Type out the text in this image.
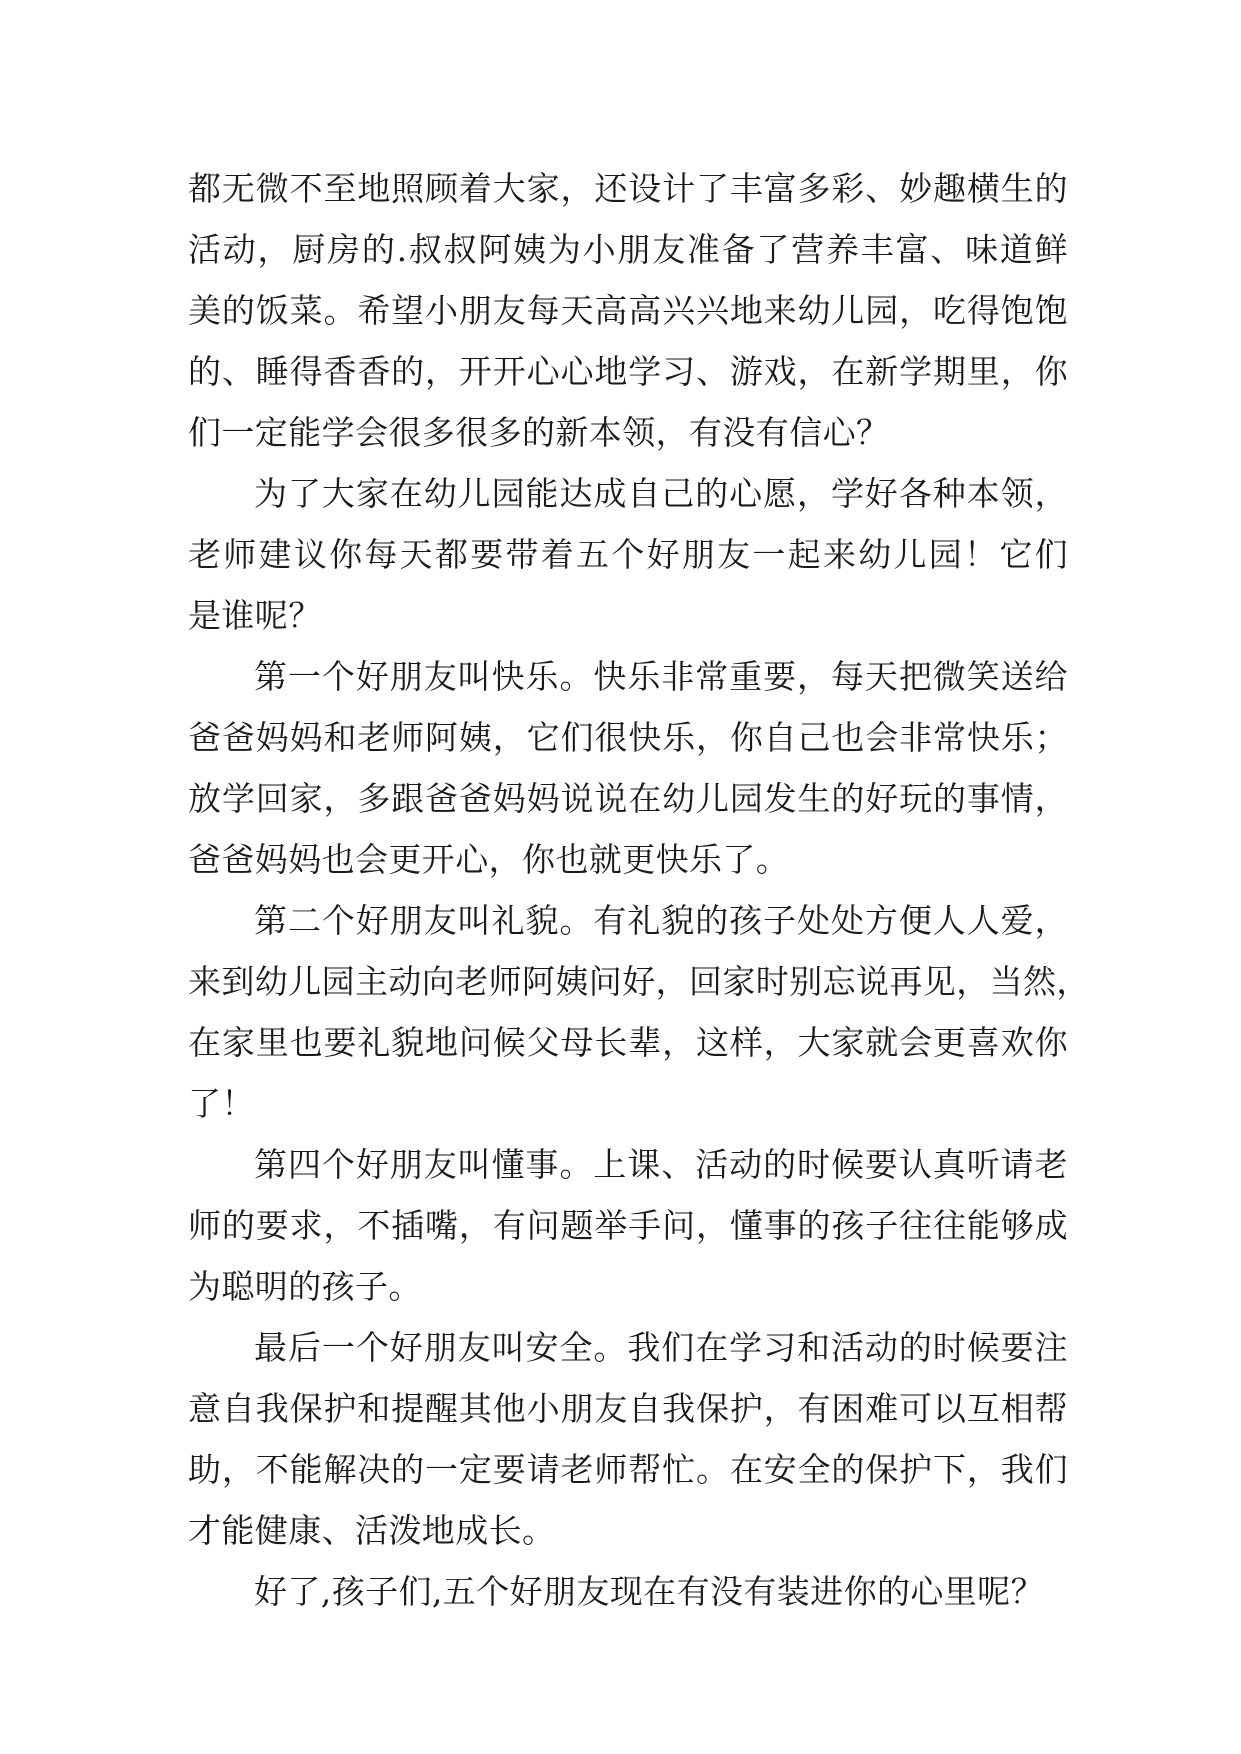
都无微不至地照顾着大家，还设计了丰富多彩、妙趣横生的
活动，厨房的.叔叔阿姨为小朋友准备了营养丰富、味道鲜
美的饭菜。希望小朋友每天高高兴兴地来幼儿园，吃得饱饱
的、睡得香香的，开开心心地学习、游戏，在新学期里，你
们一定能学会很多很多的新本领，有没有信心？
为了大家在幼儿园能达成自己的心愿，学好各种本领，
老师建议你每天都要带着五个好朋友一起来幼儿园！它们
是谁呢？
第一个好朋友叫快乐。快乐非常重要，每天把微笑送给
爸爸妈妈和老师阿姨，它们很快乐，你自己也会非常快乐；
放学回家，多跟爸爸妈妈说说在幼儿园发生的好玩的事情，
爸爸妈妈也会更开心，你也就更快乐了。
第二个好朋友叫礼貌。有礼貌的孩子处处方便人人爱，
来到幼儿园主动向老师阿姨问好，回家时别忘说再见，当然，
在家里也要礼貌地问候父母长辈，这样，大家就会更喜欢你
了！
第四个好朋友叫懂事。上课、活动的时候要认真听请老
师的要求，不插嘴，有问题举手问，懂事的孩子往往能够成
为聪明的孩子。
最后一个好朋友叫安全。我们在学习和活动的时候要注
意自我保护和提醒其他小朋友自我保护，有困难可以互相帮
助，不能解决的一定要请老师帮忙。在安全的保护下，我们
才能健康、活泼地成长。
好了,孩子们,五个好朋友现在有没有装进你的心里呢？
